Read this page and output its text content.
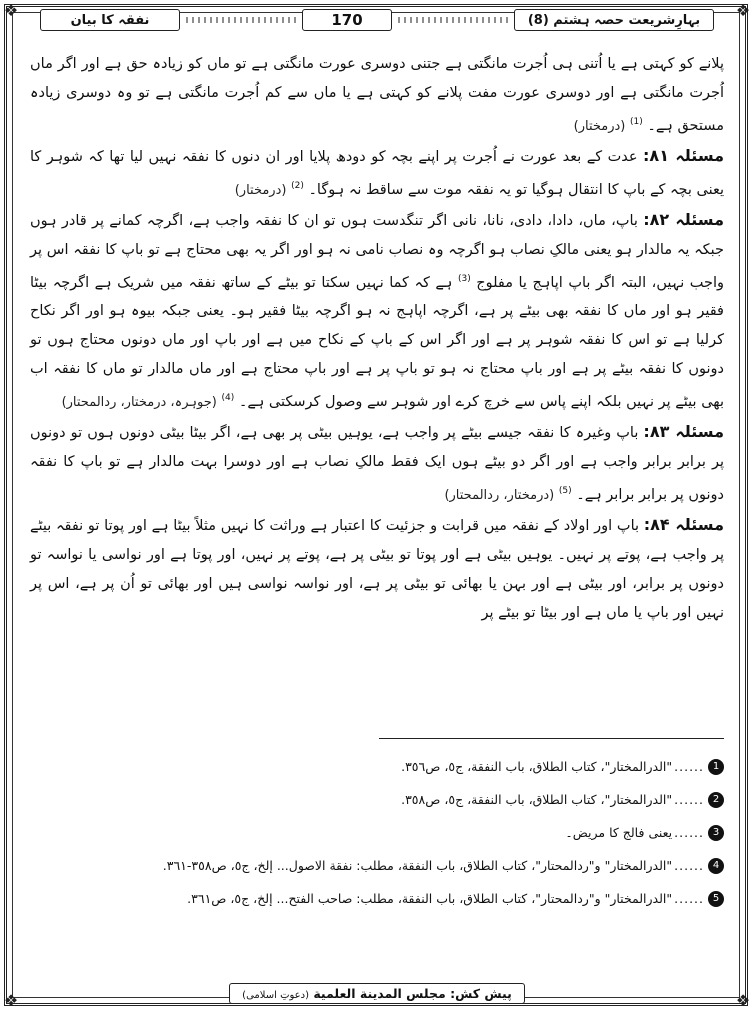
❖	❖
❖	❖
نفقہ کا بیان	170	بہارِشریعت حصہ ہشتم (8)

پلانے کو کہتی ہے یا اُتنی ہی اُجرت مانگتی ہے جتنی دوسری عورت مانگتی ہے تو ماں کو زیادہ حق ہے اور اگر ماں اُجرت مانگتی ہے اور دوسری عورت مفت پلانے کو کہتی ہے یا ماں سے کم اُجرت مانگتی ہے تو وہ دوسری زیادہ مستحق ہے۔ $^{(1)}$ (درمختار)

مسئلہ ۸۱: عدت کے بعد عورت نے اُجرت پر اپنے بچہ کو دودھ پلایا اور ان دنوں کا نفقہ نہیں لیا تھا کہ شوہر کا یعنی بچہ کے باپ کا انتقال ہوگیا تو یہ نفقہ موت سے ساقط نہ ہوگا۔ $^{(2)}$ (درمختار)

مسئلہ ۸۲: باپ، ماں، دادا، دادی، نانا، نانی اگر تنگدست ہوں تو ان کا نفقہ واجب ہے، اگرچہ کمانے پر قادر ہوں جبکہ یہ مالدار ہو یعنی مالکِ نصاب ہو اگرچہ وہ نصاب نامی نہ ہو اور اگر یہ بھی محتاج ہے تو باپ کا نفقہ اس پر واجب نہیں، البتہ اگر باپ اپاہج یا مفلوج $^{(3)}$ ہے کہ کما نہیں سکتا تو بیٹے کے ساتھ نفقہ میں شریک ہے اگرچہ بیٹا فقیر ہو اور ماں کا نفقہ بھی بیٹے پر ہے، اگرچہ اپاہج نہ ہو اگرچہ بیٹا فقیر ہو۔ یعنی جبکہ بیوہ ہو اور اگر نکاح کرلیا ہے تو اس کا نفقہ شوہر پر ہے اور اگر اس کے باپ کے نکاح میں ہے اور باپ اور ماں دونوں محتاج ہوں تو دونوں کا نفقہ بیٹے پر ہے اور باپ محتاج نہ ہو تو باپ پر ہے اور باپ محتاج ہے اور ماں مالدار تو ماں کا نفقہ اب بھی بیٹے پر نہیں بلکہ اپنے پاس سے خرچ کرے اور شوہر سے وصول کرسکتی ہے۔ $^{(4)}$ (جوہرہ، درمختار، ردالمحتار)

مسئلہ ۸۳: باپ وغیرہ کا نفقہ جیسے بیٹے پر واجب ہے، یوہیں بیٹی پر بھی ہے، اگر بیٹا بیٹی دونوں ہوں تو دونوں پر برابر برابر واجب ہے اور اگر دو بیٹے ہوں ایک فقط مالکِ نصاب ہے اور دوسرا بہت مالدار ہے تو باپ کا نفقہ دونوں پر برابر برابر ہے۔ $^{(5)}$ (درمختار، ردالمحتار)

مسئلہ ۸۴: باپ اور اولاد کے نفقہ میں قرابت و جزئیت کا اعتبار ہے وراثت کا نہیں مثلاً بیٹا ہے اور پوتا تو نفقہ بیٹے پر واجب ہے، پوتے پر نہیں۔ یوہیں بیٹی ہے اور پوتا تو بیٹی پر ہے، پوتے پر نہیں، اور پوتا ہے اور نواسی یا نواسہ تو دونوں پر برابر، اور بیٹی ہے اور بہن یا بھائی تو بیٹی پر ہے، اور نواسہ نواسی ہیں اور بھائی تو اُن پر ہے، اس پر نہیں اور باپ یا ماں ہے اور بیٹا تو بیٹے پر

1
......
"الدرالمختار"، كتاب الطلاق، باب النفقة، ج٥، ص٣٥٦.
2
......
"الدرالمختار"، كتاب الطلاق، باب النفقة، ج٥، ص٣٥٨.
3
......
یعنی فالج کا مریض۔
4
......
"الدرالمختار" و"ردالمحتار"، كتاب الطلاق، باب النفقة، مطلب: نفقة الاصول... إلخ، ج٥، ص٣٥٨-٣٦١.
5
......
"الدرالمختار" و"ردالمحتار"، كتاب الطلاق، باب النفقة، مطلب: صاحب الفتح... إلخ، ج٥، ص٣٦١.
پیش کش: مجلس المدینة العلمیة (دعوتِ اسلامی)
